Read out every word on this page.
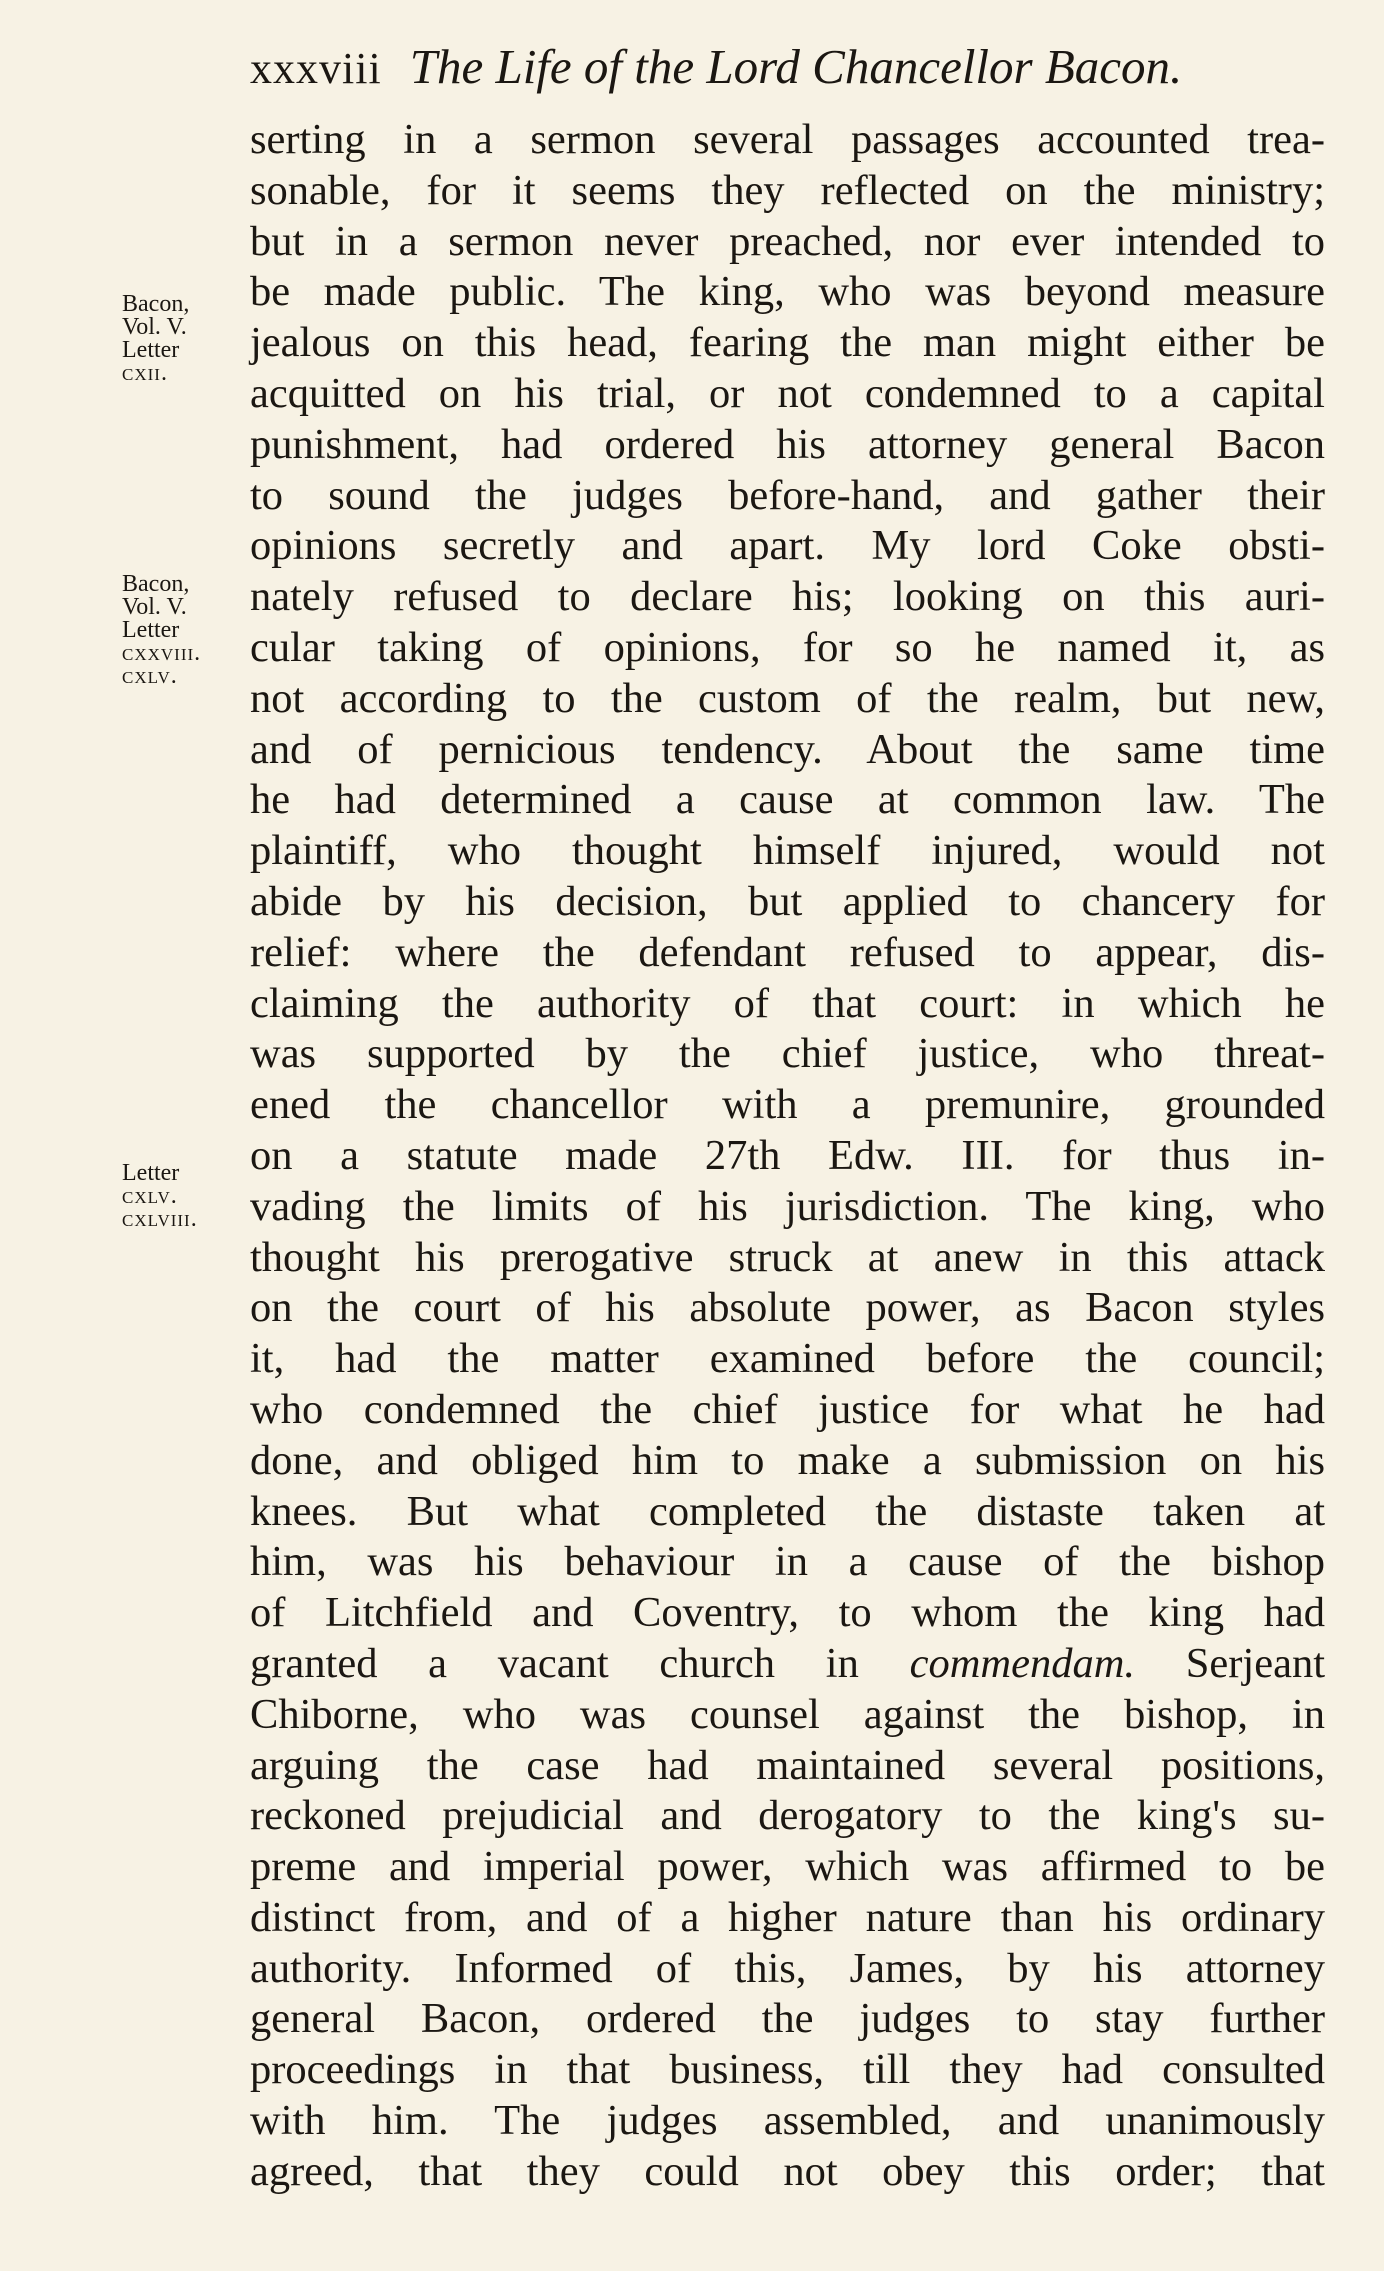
xxxviii The Life of the Lord Chancellor Bacon.
Bacon,
Vol. V.
Letter
cxii.
Bacon,
Vol. V.
Letter
cxxviii.
cxlv.
Letter
cxlv.
cxlviii.
serting in a sermon several passages accounted trea-
sonable, for it seems they reflected on the ministry;
but in a sermon never preached, nor ever intended to
be made public. The king, who was beyond measure
jealous on this head, fearing the man might either be
acquitted on his trial, or not condemned to a capital
punishment, had ordered his attorney general Bacon
to sound the judges before-hand, and gather their
opinions secretly and apart. My lord Coke obsti-
nately refused to declare his; looking on this auri-
cular taking of opinions, for so he named it, as
not according to the custom of the realm, but new,
and of pernicious tendency. About the same time
he had determined a cause at common law. The
plaintiff, who thought himself injured, would not
abide by his decision, but applied to chancery for
relief: where the defendant refused to appear, dis-
claiming the authority of that court: in which he
was supported by the chief justice, who threat-
ened the chancellor with a premunire, grounded
on a statute made 27th Edw. III. for thus in-
vading the limits of his jurisdiction. The king, who
thought his prerogative struck at anew in this attack
on the court of his absolute power, as Bacon styles
it, had the matter examined before the council;
who condemned the chief justice for what he had
done, and obliged him to make a submission on his
knees. But what completed the distaste taken at
him, was his behaviour in a cause of the bishop
of Litchfield and Coventry, to whom the king had
granted a vacant church in commendam. Serjeant
Chiborne, who was counsel against the bishop, in
arguing the case had maintained several positions,
reckoned prejudicial and derogatory to the king's su-
preme and imperial power, which was affirmed to be
distinct from, and of a higher nature than his ordinary
authority. Informed of this, James, by his attorney
general Bacon, ordered the judges to stay further
proceedings in that business, till they had consulted
with him. The judges assembled, and unanimously
agreed, that they could not obey this order; that
